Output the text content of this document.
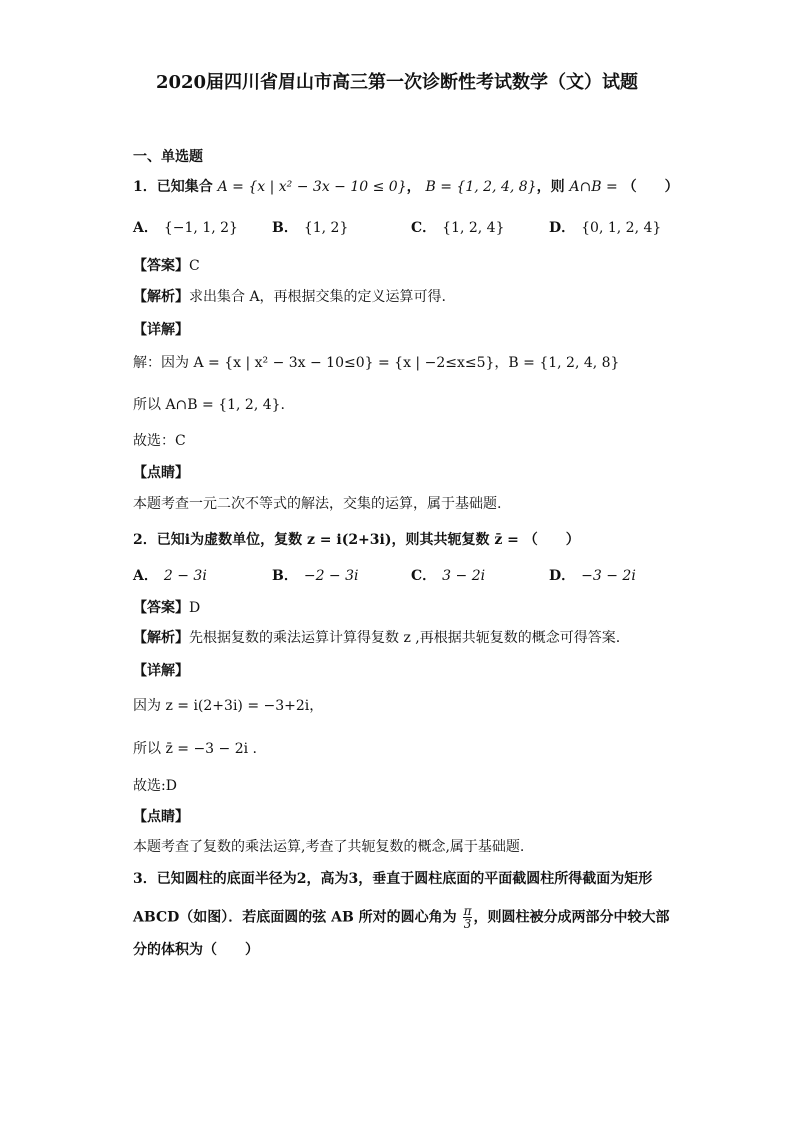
2020届四川省眉山市高三第一次诊断性考试数学（文）试题
一、单选题
1．已知集合 A = {x | x² − 3x − 10 ≤ 0}， B = {1, 2, 4, 8}，则 A∩B = （　　）
A． {−1, 1, 2} B． {1, 2}	C． {1, 2, 4}	D． {0, 1, 2, 4}
【答案】C
【解析】求出集合 A，再根据交集的定义运算可得.
【详解】
解：因为 A = {x | x² − 3x − 10≤0} = {x | −2≤x≤5}，B = {1, 2, 4, 8}
所以 A∩B = {1, 2, 4}.
故选：C
【点睛】
本题考查一元二次不等式的解法，交集的运算，属于基础题.
2．已知i为虚数单位，复数 z = i(2+3i)，则其共轭复数 z̄ = （　　）
A． 2 − 3i	B． −2 − 3i	C． 3 − 2i	D． −3 − 2i
【答案】D
【解析】先根据复数的乘法运算计算得复数 z ,再根据共轭复数的概念可得答案.
【详解】
因为 z = i(2+3i) = −3+2i，
所以 z̄ = −3 − 2i .
故选:D
【点睛】
本题考查了复数的乘法运算,考查了共轭复数的概念,属于基础题.
3．已知圆柱的底面半径为2，高为3，垂直于圆柱底面的平面截圆柱所得截面为矩形
ABCD（如图）．若底面圆的弦 AB 所对的圆心角为 $\frac{\pi}{3}$ ，则圆柱被分成两部分中较大部
分的体积为（　　）
